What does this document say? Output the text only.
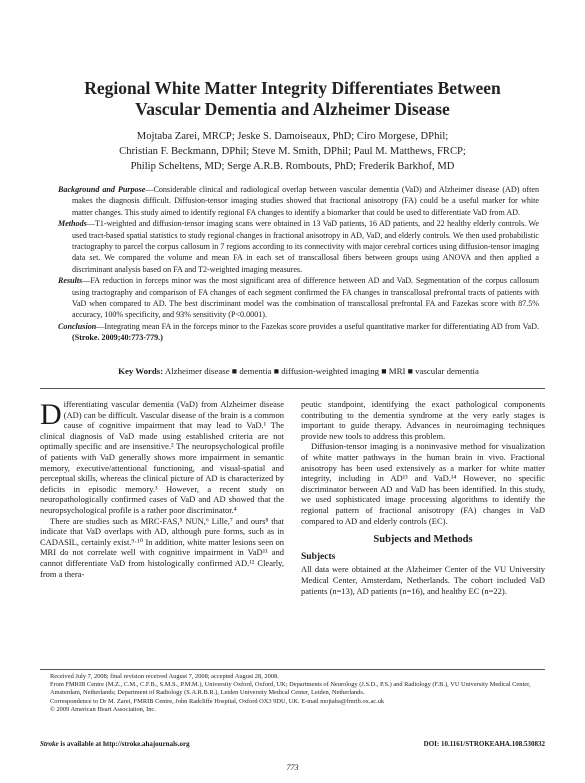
Regional White Matter Integrity Differentiates Between
Vascular Dementia and Alzheimer Disease
Mojtaba Zarei, MRCP; Jeske S. Damoiseaux, PhD; Ciro Morgese, DPhil;
Christian F. Beckmann, DPhil; Steve M. Smith, DPhil; Paul M. Matthews, FRCP;
Philip Scheltens, MD; Serge A.R.B. Rombouts, PhD; Frederik Barkhof, MD

Background and Purpose—Considerable clinical and radiological overlap between vascular dementia (VaD) and Alzheimer disease (AD) often makes the diagnosis difficult. Diffusion-tensor imaging studies showed that fractional anisotropy (FA) could be a useful marker for white matter changes. This study aimed to identify regional FA changes to identify a biomarker that could be used to differentiate VaD from AD.

Methods—T1-weighted and diffusion-tensor imaging scans were obtained in 13 VaD patients, 16 AD patients, and 22 healthy elderly controls. We used tract-based spatial statistics to study regional changes in fractional anisotropy in AD, VaD, and elderly controls. We then used probabilistic tractography to parcel the corpus callosum in 7 regions according to its connectivity with major cerebral cortices using diffusion-tensor imaging data set. We compared the volume and mean FA in each set of transcallosal fibers between groups using ANOVA and then applied a discriminant analysis based on FA and T2-weighted imaging measures.

Results—FA reduction in forceps minor was the most significant area of difference between AD and VaD. Segmentation of the corpus callosum using tractography and comparison of FA changes of each segment confirmed the FA changes in transcallosal prefrontal tracts of patients with VaD when compared to AD. The best discriminant model was the combination of transcallosal prefrontal FA and Fazekas score with 87.5% accuracy, 100% specificity, and 93% sensitivity (P<0.0001).

Conclusion—Integrating mean FA in the forceps minor to the Fazekas score provides a useful quantitative marker for differentiating AD from VaD. (Stroke. 2009;40:773-779.)

Key Words: Alzheimer disease ■ dementia ■ diffusion-weighted imaging ■ MRI ■ vascular dementia

Differentiating vascular dementia (VaD) from Alzheimer disease (AD) can be difficult. Vascular disease of the brain is a common cause of cognitive impairment that may lead to VaD.¹ The clinical diagnosis of VaD made using established criteria are not optimally specific and are insensitive.² The neuropsychological profile of patients with VaD generally shows more impairment in semantic memory, executive/attentional functioning, and visual-spatial and perceptual skills, whereas the clinical picture of AD is characterized by deficits in episodic memory.³ However, a recent study on neuropathologically confirmed cases of VaD and AD showed that the neuropsychological profile is a rather poor discriminator.⁴

There are studies such as MRC-FAS,⁵ NUN,⁶ Lille,⁷ and ours⁸ that indicate that VaD overlaps with AD, although pure forms, such as in CADASIL, certainly exist.⁹·¹⁰ In addition, white matter lesions seen on MRI do not correlate well with cognitive impairment in VaD¹¹ and cannot differentiate VaD from histologically confirmed AD.¹² Clearly, from a thera-

peutic standpoint, identifying the exact pathological components contributing to the dementia syndrome at the very early stages is important to guide therapy. Advances in neuroimaging techniques provide new tools to address this problem.

Diffusion-tensor imaging is a noninvasive method for visualization of white matter pathways in the human brain in vivo. Fractional anisotropy has been used extensively as a marker for white matter integrity, including in AD¹³ and VaD.¹⁴ However, no specific discriminator between AD and VaD has been identified. In this study, we used sophisticated image processing algorithms to identify the regional pattern of fractional anisotropy (FA) changes in VaD compared to AD and elderly controls (EC).

Subjects and Methods
Subjects

All data were obtained at the Alzheimer Center of the VU University Medical Center, Amsterdam, Netherlands. The cohort included VaD patients (n=13), AD patients (n=16), and healthy EC (n=22).

Received July 7, 2008; final revision received August 7, 2008; accepted August 28, 2008.

From FMRIB Centre (M.Z., C.M., C.F.B., S.M.S., P.M.M.), University Oxford, Oxford, UK; Departments of Neurology (J.S.D., P.S.) and Radiology (F.B.), VU University Medical Center, Amsterdam, Netherlands; Department of Radiology (S.A.R.B.R.), Leiden University Medical Center, Leiden, Netherlands.

Correspondence to Dr M. Zarei, FMRIB Centre, John Radcliffe Hospital, Oxford OX3 9DU, UK. E-mail mojtaba@fmrib.ox.ac.uk

© 2009 American Heart Association, Inc.

Stroke is available at http://stroke.ahajournals.org	DOI: 10.1161/STROKEAHA.108.530832
773
